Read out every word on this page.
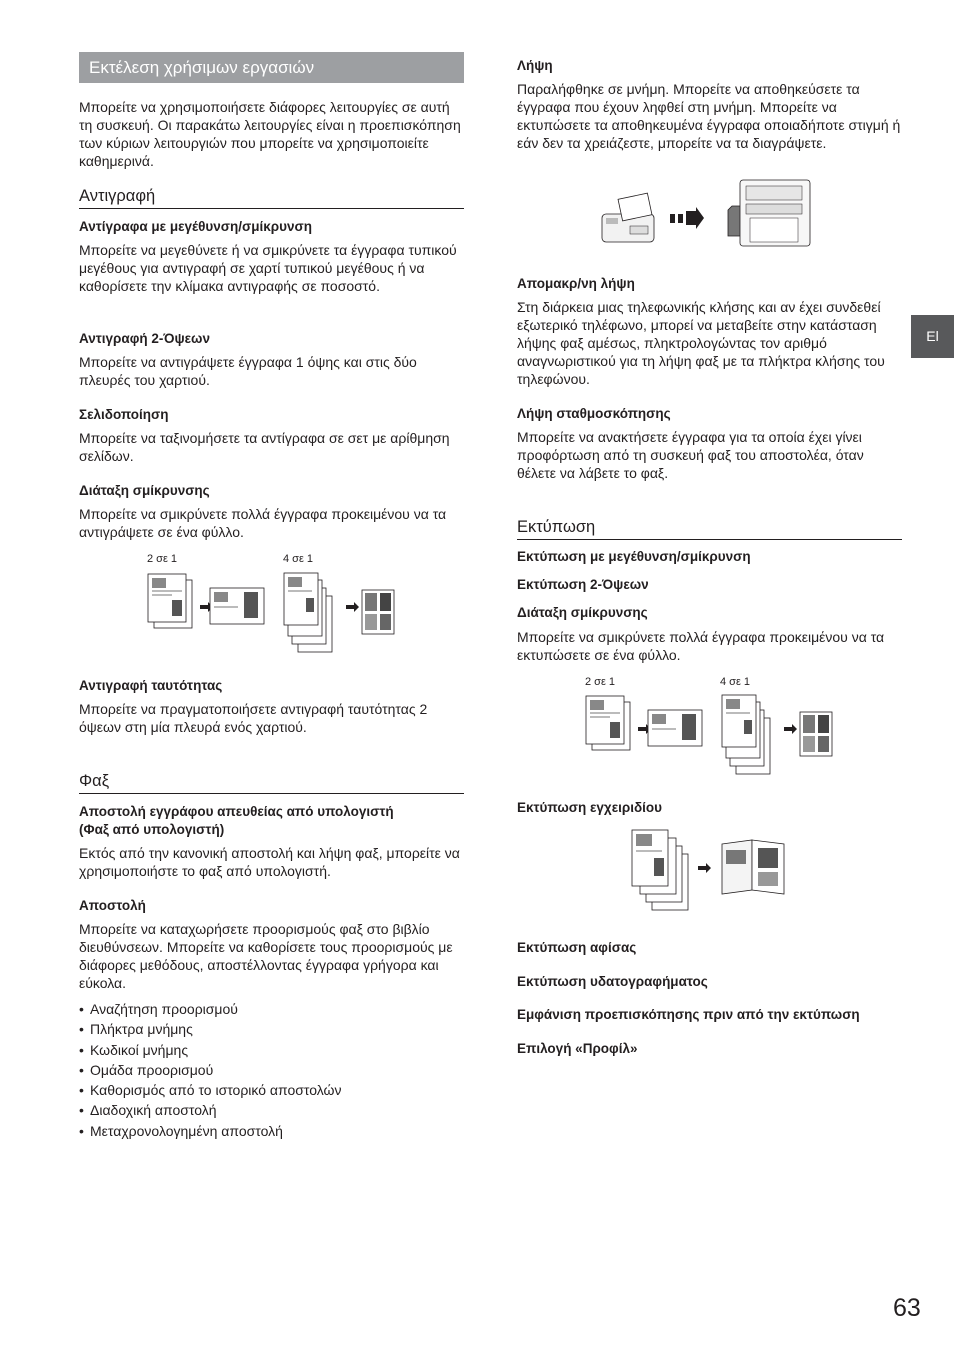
Εκτέλεση χρήσιμων εργασιών
Μπορείτε να χρησιμοποιήσετε διάφορες λειτουργίες σε αυτή τη συσκευή. Οι παρακάτω λειτουργίες είναι η προεπισκόπηση των κύριων λειτουργιών που μπορείτε να χρησιμοποιείτε καθημερινά.
Αντιγραφή
Αντίγραφα με μεγέθυνση/σμίκρυνση
Μπορείτε να μεγεθύνετε ή να σμικρύνετε τα έγγραφα τυπικού μεγέθους για αντιγραφή σε χαρτί τυπικού μεγέθους ή να καθορίσετε την κλίμακα αντιγραφής σε ποσοστό.
Αντιγραφή 2-Όψεων
Μπορείτε να αντιγράψετε έγγραφα 1 όψης και στις δύο πλευρές του χαρτιού.
Σελιδοποίηση
Μπορείτε να ταξινομήσετε τα αντίγραφα σε σετ με αρίθμηση σελίδων.
Διάταξη σμίκρυνσης
Μπορείτε να σμικρύνετε πολλά έγγραφα προκειμένου να τα αντιγράψετε σε ένα φύλλο.
2 σε 1	4 σε 1
Αντιγραφή ταυτότητας
Μπορείτε να πραγματοποιήσετε αντιγραφή ταυτότητας 2 όψεων στη μία πλευρά ενός χαρτιού.
Φαξ
Αποστολή εγγράφου απευθείας από υπολογιστή
(Φαξ από υπολογιστή)
Εκτός από την κανονική αποστολή και λήψη φαξ, μπορείτε να χρησιμοποιήστε το φαξ από υπολογιστή.
Αποστολή
Μπορείτε να καταχωρήσετε προορισμούς φαξ στο βιβλίο διευθύνσεων. Μπορείτε να καθορίσετε τους προορισμούς με διάφορες μεθόδους, αποστέλλοντας έγγραφα γρήγορα και εύκολα.
• Αναζήτηση προορισμού
• Πλήκτρα μνήμης
• Κωδικοί μνήμης
• Ομάδα προορισμού
• Καθορισμός από το ιστορικό αποστολών
• Διαδοχική αποστολή
• Μεταχρονολογημένη αποστολή
Λήψη
Παραλήφθηκε σε μνήμη. Μπορείτε να αποθηκεύσετε τα έγγραφα που έχουν ληφθεί στη μνήμη. Μπορείτε να εκτυπώσετε τα αποθηκευμένα έγγραφα οποιαδήποτε στιγμή ή εάν δεν τα χρειάζεστε, μπορείτε να τα διαγράψετε.
Απομακρ/νη λήψη
Στη διάρκεια μιας τηλεφωνικής κλήσης και αν έχει συνδεθεί εξωτερικό τηλέφωνο, μπορεί να μεταβείτε στην κατάσταση λήψης φαξ αμέσως, πληκτρολογώντας τον αριθμό αναγνωριστικού για τη λήψη φαξ με τα πλήκτρα κλήσης του τηλεφώνου.
Λήψη σταθμοσκόπησης
Μπορείτε να ανακτήσετε έγγραφα για τα οποία έχει γίνει προφόρτωση από τη συσκευή φαξ του αποστολέα, όταν θέλετε να λάβετε το φαξ.
Εκτύπωση
Εκτύπωση με μεγέθυνση/σμίκρυνση
Εκτύπωση 2-Όψεων
Διάταξη σμίκρυνσης
Μπορείτε να σμικρύνετε πολλά έγγραφα προκειμένου να τα εκτυπώσετε σε ένα φύλλο.
2 σε 1	4 σε 1
Εκτύπωση εγχειριδίου
Εκτύπωση αφίσας
Εκτύπωση υδατογραφήματος
Εμφάνιση προεπισκόπησης πριν από την εκτύπωση
Επιλογή «Προφίλ»
El
63
